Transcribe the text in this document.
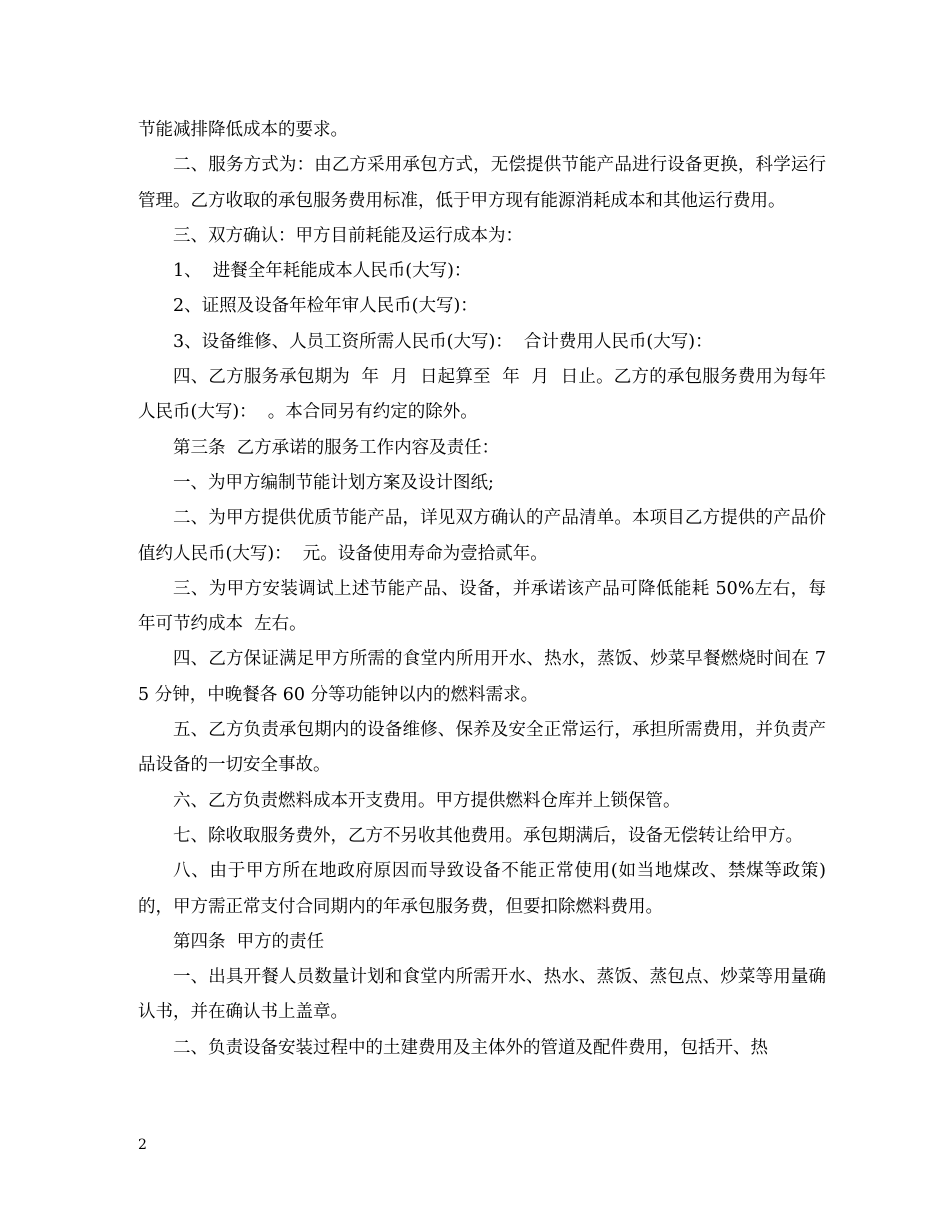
节能减排降低成本的要求。

二、服务方式为：由乙方采用承包方式，无偿提供节能产品进行设备更换，科学运行管理。乙方收取的承包服务费用标准，低于甲方现有能源消耗成本和其他运行费用。

三、双方确认：甲方目前耗能及运行成本为：

1、  进餐全年耗能成本人民币(大写)：

2、证照及设备年检年审人民币(大写)：

3、设备维修、人员工资所需人民币(大写)：  合计费用人民币(大写)：

四、乙方服务承包期为  年  月  日起算至  年  月  日止。乙方的承包服务费用为每年人民币(大写)：  。本合同另有约定的除外。

第三条  乙方承诺的服务工作内容及责任：

一、为甲方编制节能计划方案及设计图纸;

二、为甲方提供优质节能产品，详见双方确认的产品清单。本项目乙方提供的产品价值约人民币(大写)：  元。设备使用寿命为壹拾贰年。

三、为甲方安装调试上述节能产品、设备，并承诺该产品可降低能耗 50%左右，每年可节约成本  左右。

四、乙方保证满足甲方所需的食堂内所用开水、热水，蒸饭、炒菜早餐燃烧时间在 75 分钟，中晚餐各 60 分等功能钟以内的燃料需求。

五、乙方负责承包期内的设备维修、保养及安全正常运行，承担所需费用，并负责产品设备的一切安全事故。

六、乙方负责燃料成本开支费用。甲方提供燃料仓库并上锁保管。

七、除收取服务费外，乙方不另收其他费用。承包期满后，设备无偿转让给甲方。

八、由于甲方所在地政府原因而导致设备不能正常使用(如当地煤改、禁煤等政策)的，甲方需正常支付合同期内的年承包服务费，但要扣除燃料费用。

第四条  甲方的责任

一、出具开餐人员数量计划和食堂内所需开水、热水、蒸饭、蒸包点、炒菜等用量确认书，并在确认书上盖章。

二、负责设备安装过程中的土建费用及主体外的管道及配件费用，包括开、热

2
